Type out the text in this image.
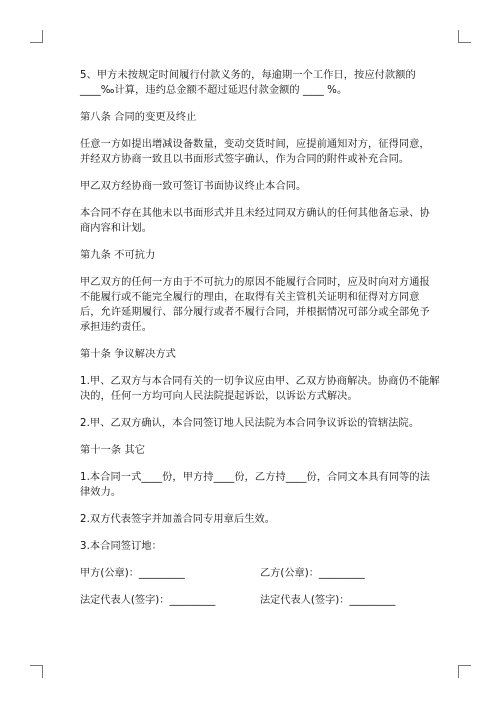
5、甲方未按规定时间履行付款义务的，每逾期一个工作日，按应付款额的 ____‰计算，违约总金额不超过延迟付款金额的 ____ %。

第八条 合同的变更及终止

任意一方如提出增减设备数量，变动交货时间，应提前通知对方，征得同意，并经双方协商一致且以书面形式签字确认，作为合同的附件或补充合同。

甲乙双方经协商一致可签订书面协议终止本合同。

本合同不存在其他未以书面形式并且未经过同双方确认的任何其他备忘录、协商内容和计划。

第九条 不可抗力

甲乙双方的任何一方由于不可抗力的原因不能履行合同时，应及时向对方通报不能履行或不能完全履行的理由，在取得有关主管机关证明和征得对方同意后，允许延期履行、部分履行或者不履行合同，并根据情况可部分或全部免予承担违约责任。

第十条 争议解决方式

1.甲、乙双方与本合同有关的一切争议应由甲、乙双方协商解决。协商仍不能解决的，任何一方均可向人民法院提起诉讼，以诉讼方式解决。

2.甲、乙双方确认，本合同签订地人民法院为本合同争议诉讼的管辖法院。

第十一条 其它

1.本合同一式____份，甲方持____份，乙方持____份，合同文本具有同等的法律效力。

2.双方代表签字并加盖合同专用章后生效。

3.本合同签订地：

甲方(公章)：_________	乙方(公章)：_________
法定代表人(签字)：_________	法定代表人(签字)：_________
